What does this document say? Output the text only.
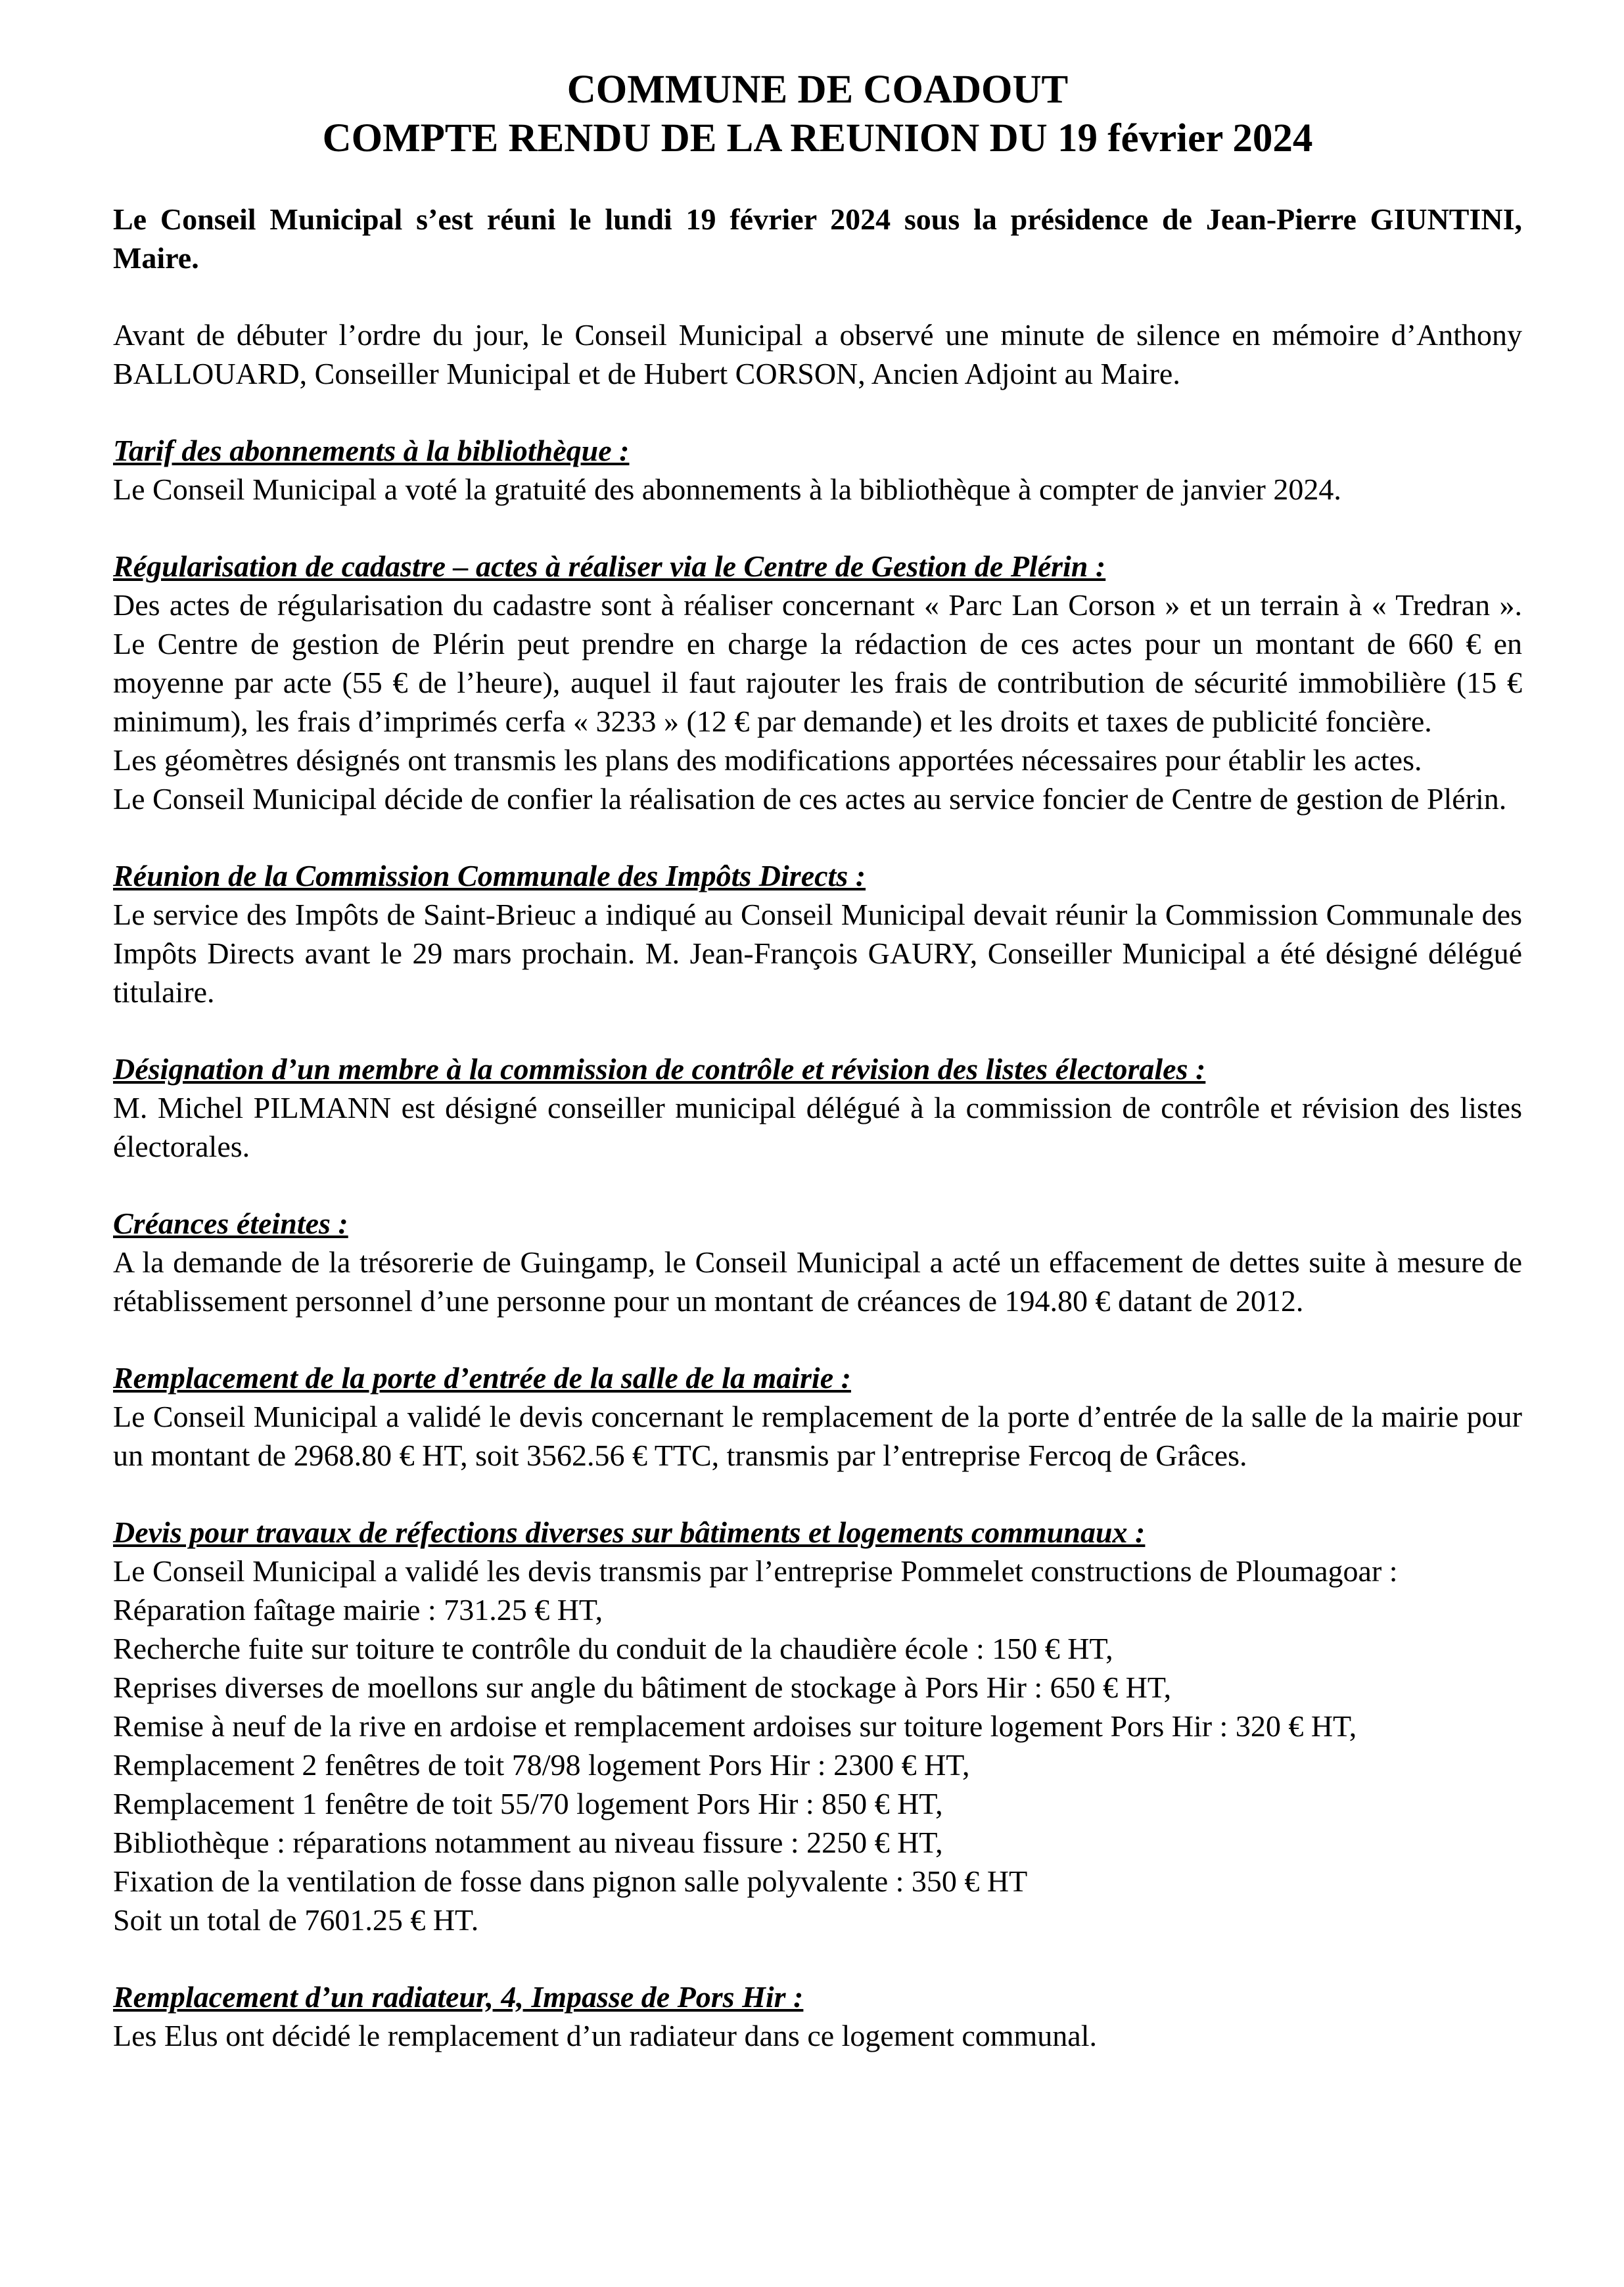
COMMUNE DE COADOUT
COMPTE RENDU DE LA REUNION DU 19 février 2024

Le Conseil Municipal s’est réuni le lundi 19 février 2024 sous la présidence de Jean-Pierre GIUNTINI, Maire.

Avant de débuter l’ordre du jour, le Conseil Municipal a observé une minute de silence en mémoire d’Anthony BALLOUARD, Conseiller Municipal et de Hubert CORSON, Ancien Adjoint au Maire.

Tarif des abonnements à la bibliothèque :

Le Conseil Municipal a voté la gratuité des abonnements à la bibliothèque à compter de janvier 2024.

Régularisation de cadastre – actes à réaliser via le Centre de Gestion de Plérin :

Des actes de régularisation du cadastre sont à réaliser concernant « Parc Lan Corson » et un terrain à « Tredran ». Le Centre de gestion de Plérin peut prendre en charge la rédaction de ces actes pour un montant de 660 € en moyenne par acte (55 € de l’heure), auquel il faut rajouter les frais de contribution de sécurité immobilière (15 € minimum), les frais d’imprimés cerfa « 3233 » (12 € par demande) et les droits et taxes de publicité foncière.

Les géomètres désignés ont transmis les plans des modifications apportées nécessaires pour établir les actes.

Le Conseil Municipal décide de confier la réalisation de ces actes au service foncier de Centre de gestion de Plérin.

Réunion de la Commission Communale des Impôts Directs :

Le service des Impôts de Saint-Brieuc a indiqué au Conseil Municipal devait réunir la Commission Communale des Impôts Directs avant le 29 mars prochain. M. Jean-François GAURY, Conseiller Municipal a été désigné délégué titulaire.

Désignation d’un membre à la commission de contrôle et révision des listes électorales :

M. Michel PILMANN est désigné conseiller municipal délégué à la commission de contrôle et révision des listes électorales.

Créances éteintes :

A la demande de la trésorerie de Guingamp, le Conseil Municipal a acté un effacement de dettes suite à mesure de rétablissement personnel d’une personne pour un montant de créances de 194.80 € datant de 2012.

Remplacement de la porte d’entrée de la salle de la mairie :

Le Conseil Municipal a validé le devis concernant le remplacement de la porte d’entrée de la salle de la mairie pour un montant de 2968.80 € HT, soit 3562.56 € TTC, transmis par l’entreprise Fercoq de Grâces.

Devis pour travaux de réfections diverses sur bâtiments et logements communaux :
Le Conseil Municipal a validé les devis transmis par l’entreprise Pommelet constructions de Ploumagoar :
Réparation faîtage mairie : 731.25 € HT,
Recherche fuite sur toiture te contrôle du conduit de la chaudière école : 150 € HT,
Reprises diverses de moellons sur angle du bâtiment de stockage à Pors Hir : 650 € HT,
Remise à neuf de la rive en ardoise et remplacement ardoises sur toiture logement Pors Hir : 320 € HT,
Remplacement 2 fenêtres de toit 78/98 logement Pors Hir : 2300 € HT,
Remplacement 1 fenêtre de toit 55/70 logement Pors Hir : 850 € HT,
Bibliothèque : réparations notamment au niveau fissure : 2250 € HT,
Fixation de la ventilation de fosse dans pignon salle polyvalente : 350 € HT
Soit un total de 7601.25 € HT.
Remplacement d’un radiateur, 4, Impasse de Pors Hir :

Les Elus ont décidé le remplacement d’un radiateur dans ce logement communal.
